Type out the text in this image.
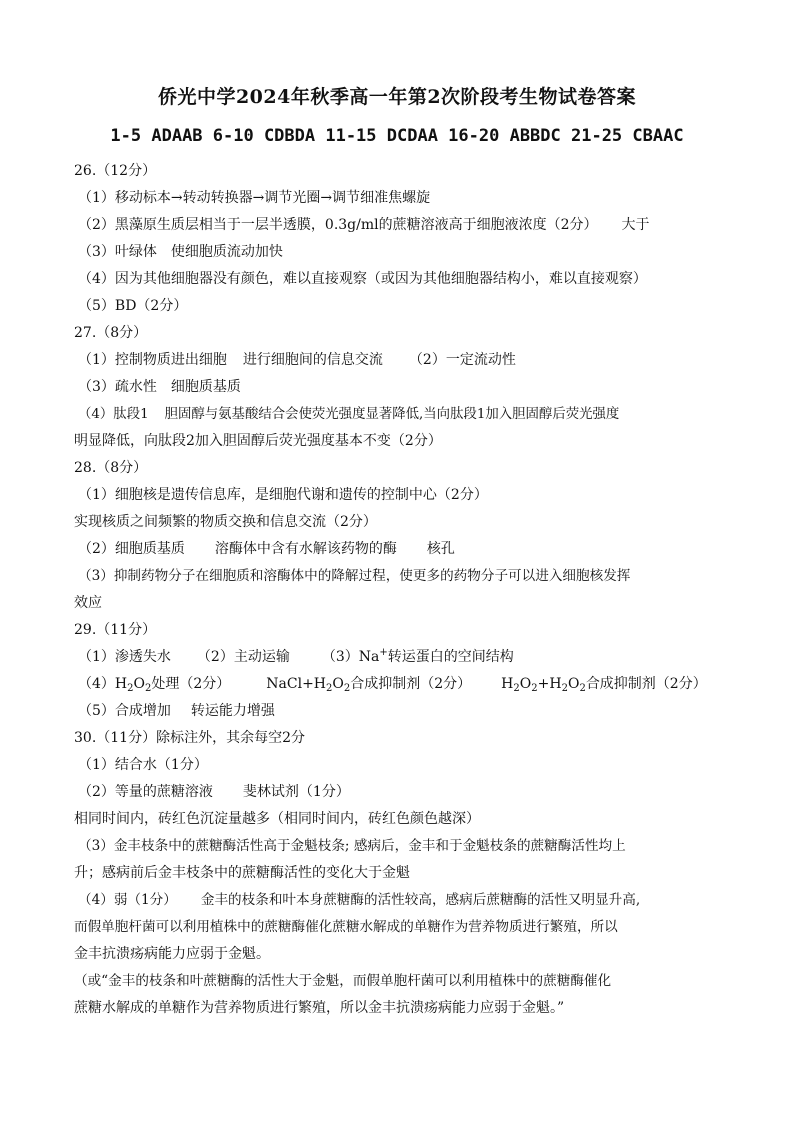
侨光中学2024年秋季高一年第2次阶段考生物试卷答案
1-5 ADAAB 6-10 CDBDA 11-15 DCDAA 16-20 ABBDC 21-25 CBAAC
26.（12分）
（1）移动标本→转动转换器→调节光圈→调节细准焦螺旋
（2）黑藻原生质层相当于一层半透膜，0.3g/ml的蔗糖溶液高于细胞液浓度（2分） 大于
（3）叶绿体 使细胞质流动加快
（4）因为其他细胞器没有颜色，难以直接观察（或因为其他细胞器结构小，难以直接观察）
（5）BD（2分）
27.（8分）
（1）控制物质进出细胞 进行细胞间的信息交流 （2）一定流动性
（3）疏水性 细胞质基质
（4）肽段1 胆固醇与氨基酸结合会使荧光强度显著降低,当向肽段1加入胆固醇后荧光强度
明显降低，向肽段2加入胆固醇后荧光强度基本不变（2分）
28.（8分）
（1）细胞核是遗传信息库，是细胞代谢和遗传的控制中心（2分）
实现核质之间频繁的物质交换和信息交流（2分）
（2）细胞质基质 溶酶体中含有水解该药物的酶 核孔
（3）抑制药物分子在细胞质和溶酶体中的降解过程，使更多的药物分子可以进入细胞核发挥
效应
29.（11分）
（1）渗透失水 （2）主动运输 （3）Na+转运蛋白的空间结构
$(4)H_2O_2$处理（2分）	$NaCl+H_2O_2$合成抑制剂（2分） $H_2O_2+H_2O_2$合成抑制剂（2分）
（5）合成增加 转运能力增强
30.（11分）除标注外，其余每空2分
（1）结合水（1分）
（2）等量的蔗糖溶液 斐林试剂（1分）
相同时间内，砖红色沉淀量越多（相同时间内，砖红色颜色越深）
（3）金丰枝条中的蔗糖酶活性高于金魁枝条; 感病后，金丰和于金魁枝条的蔗糖酶活性均上
升；感病前后金丰枝条中的蔗糖酶活性的变化大于金魁
（4）弱（1分） 金丰的枝条和叶本身蔗糖酶的活性较高，感病后蔗糖酶的活性又明显升高,
而假单胞杆菌可以利用植株中的蔗糖酶催化蔗糖水解成的单糖作为营养物质进行繁殖，所以
金丰抗溃疡病能力应弱于金魁。
（或“金丰的枝条和叶蔗糖酶的活性大于金魁，而假单胞杆菌可以利用植株中的蔗糖酶催化
蔗糖水解成的单糖作为营养物质进行繁殖，所以金丰抗溃疡病能力应弱于金魁。”
